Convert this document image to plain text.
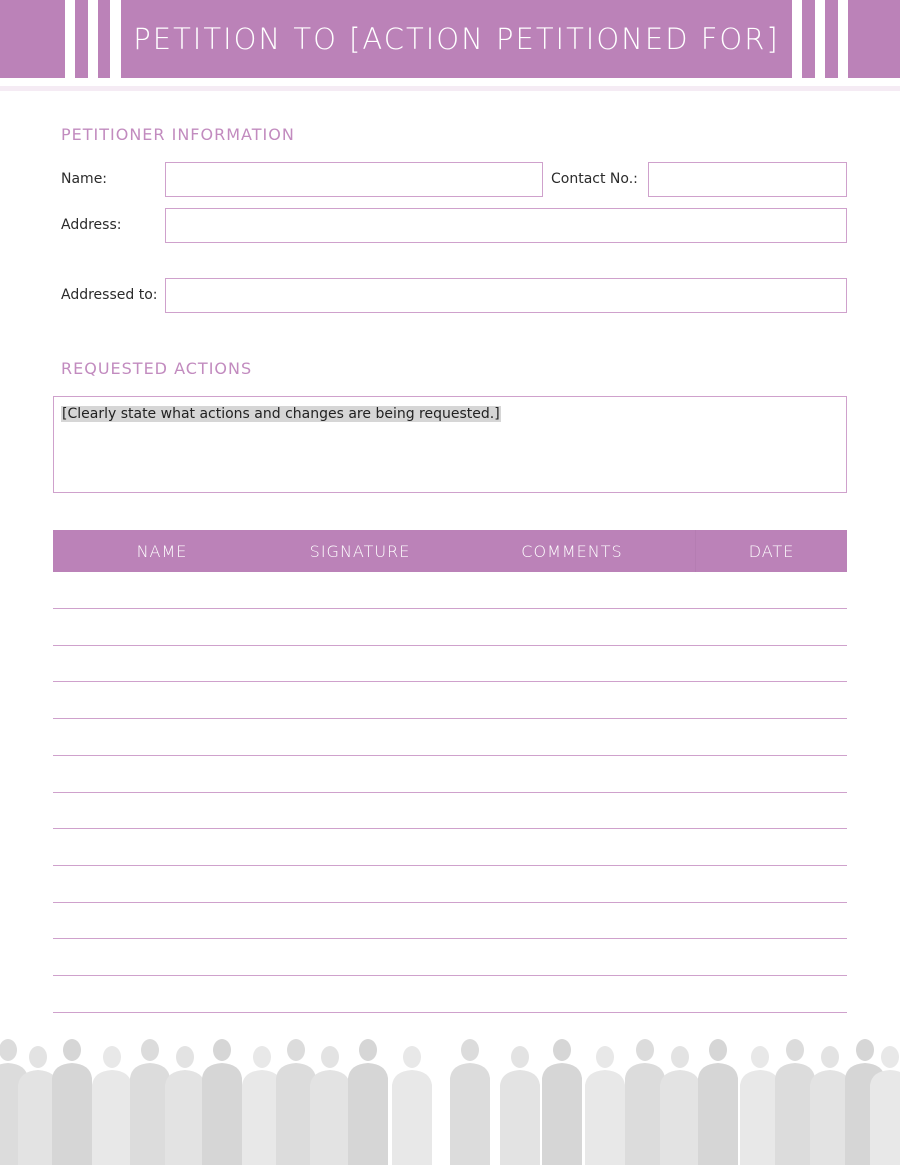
PETITION TO [ACTION PETITIONED FOR]
PETITIONER INFORMATION
Name:	Contact No.:
Address:
Addressed to:
REQUESTED ACTIONS
[Clearly state what actions and changes are being requested.]
NAME	SIGNATURE	COMMENTS	DATE
